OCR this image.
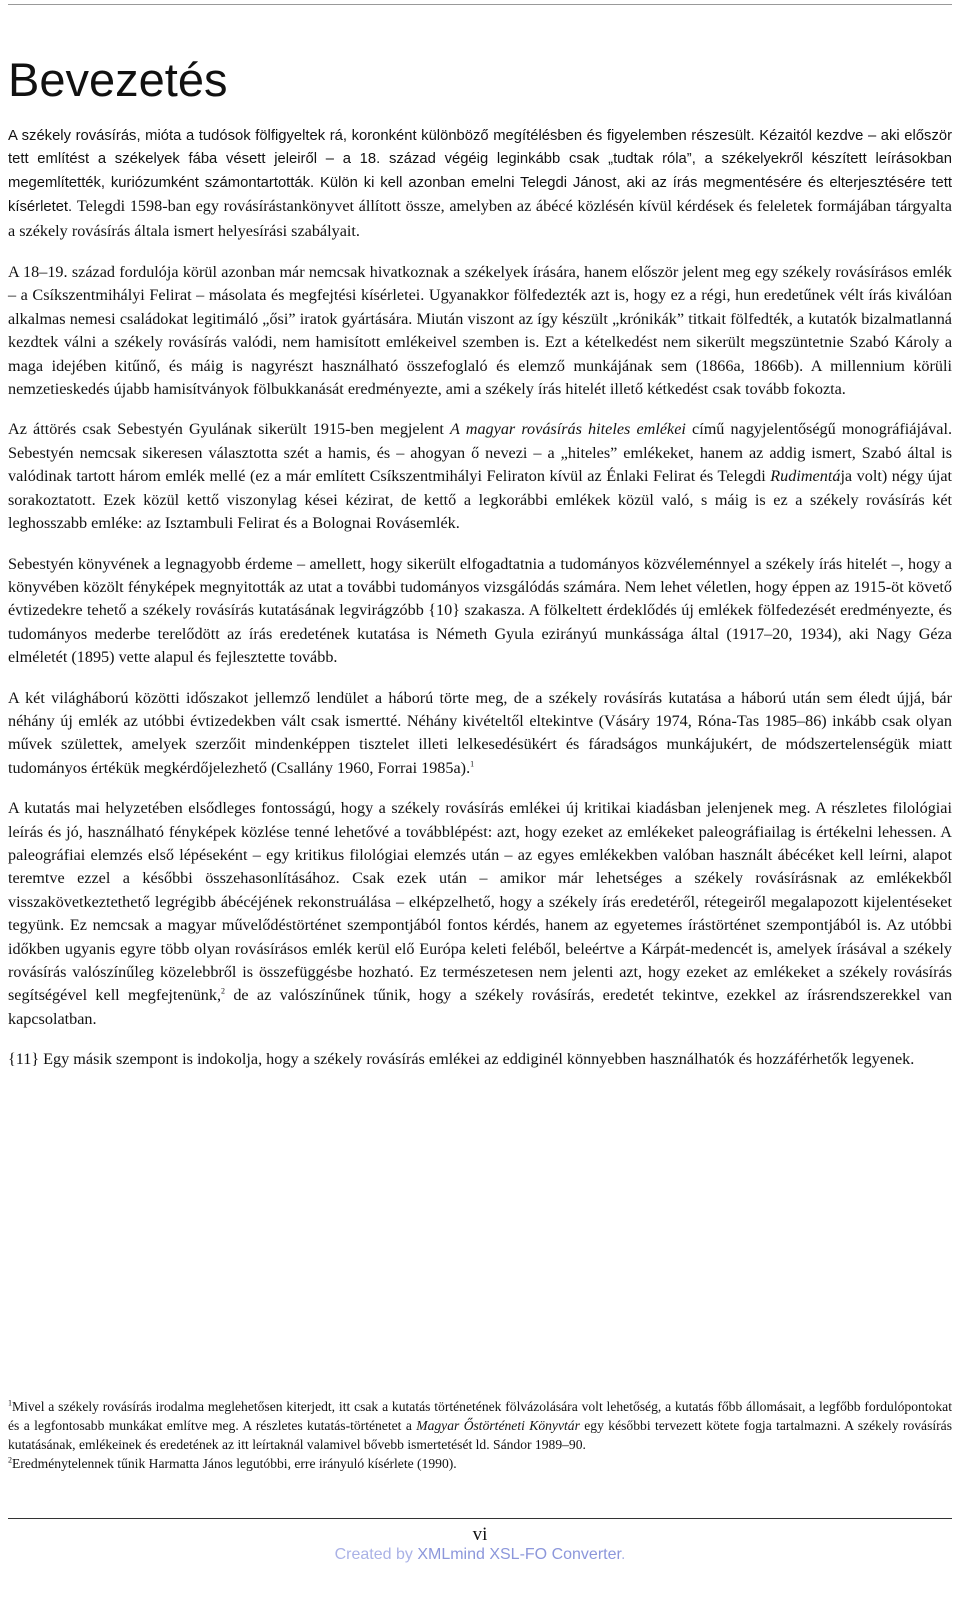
Bevezetés

A székely rovásírás, mióta a tudósok fölfigyeltek rá, koronként különböző megítélésben és figyelemben részesült. Kézaitól kezdve – aki először tett említést a székelyek fába vésett jeleiről – a 18. század végéig leginkább csak „tudtak róla”, a székelyekről készített leírásokban megemlítették, kuriózumként számontartották. Külön ki kell azonban emelni Telegdi Jánost, aki az írás megmentésére és elterjesztésére tett kísérletet. Telegdi 1598-ban egy rovásírástankönyvet állított össze, amelyben az ábécé közlésén kívül kérdések és feleletek formájában tárgyalta a székely rovásírás általa ismert helyesírási szabályait.

A 18–19. század fordulója körül azonban már nemcsak hivatkoznak a székelyek írására, hanem először jelent meg egy székely rovásírásos emlék – a Csíkszentmihályi Felirat – másolata és megfejtési kísérletei. Ugyanakkor fölfedezték azt is, hogy ez a régi, hun eredetűnek vélt írás kiválóan alkalmas nemesi családokat legitimáló „ősi” iratok gyártására. Miután viszont az így készült „krónikák” titkait fölfedték, a kutatók bizalmatlanná kezdtek válni a székely rovásírás valódi, nem hamisított emlékeivel szemben is. Ezt a kételkedést nem sikerült megszüntetnie Szabó Károly a maga idejében kitűnő, és máig is nagyrészt használható összefoglaló és elemző munkájának sem (1866a, 1866b). A millennium körüli nemzetieskedés újabb hamisítványok fölbukkanását eredményezte, ami a székely írás hitelét illető kétkedést csak tovább fokozta.

Az áttörés csak Sebestyén Gyulának sikerült 1915-ben megjelent A magyar rovásírás hiteles emlékei című nagyjelentőségű monográfiájával. Sebestyén nemcsak sikeresen választotta szét a hamis, és – ahogyan ő nevezi – a „hiteles” emlékeket, hanem az addig ismert, Szabó által is valódinak tartott három emlék mellé (ez a már említett Csíkszentmihályi Feliraton kívül az Énlaki Felirat és Telegdi Rudimentája volt) négy újat sorakoztatott. Ezek közül kettő viszonylag kései kézirat, de kettő a legkorábbi emlékek közül való, s máig is ez a székely rovásírás két leghosszabb emléke: az Isztambuli Felirat és a Bolognai Rovásemlék.

Sebestyén könyvének a legnagyobb érdeme – amellett, hogy sikerült elfogadtatnia a tudományos közvéleménnyel a székely írás hitelét –, hogy a könyvében közölt fényképek megnyitották az utat a további tudományos vizsgálódás számára. Nem lehet véletlen, hogy éppen az 1915-öt követő évtizedekre tehető a székely rovásírás kutatásának legvirágzóbb {10} szakasza. A fölkeltett érdeklődés új emlékek fölfedezését eredményezte, és tudományos mederbe terelődött az írás eredetének kutatása is Németh Gyula ezirányú munkássága által (1917–20, 1934), aki Nagy Géza elméletét (1895) vette alapul és fejlesztette tovább.

A két világháború közötti időszakot jellemző lendület a háború törte meg, de a székely rovásírás kutatása a háború után sem éledt újjá, bár néhány új emlék az utóbbi évtizedekben vált csak ismertté. Néhány kivételtől eltekintve (Vásáry 1974, Róna-Tas 1985–86) inkább csak olyan művek születtek, amelyek szerzőit mindenképpen tisztelet illeti lelkesedésükért és fáradságos munkájukért, de módszertelenségük miatt tudományos értékük megkérdőjelezhető (Csallány 1960, Forrai 1985a).$^1$

A kutatás mai helyzetében elsődleges fontosságú, hogy a székely rovásírás emlékei új kritikai kiadásban jelenjenek meg. A részletes filológiai leírás és jó, használható fényképek közlése tenné lehetővé a továbblépést: azt, hogy ezeket az emlékeket paleográfiailag is értékelni lehessen. A paleográfiai elemzés első lépéseként – egy kritikus filológiai elemzés után – az egyes emlékekben valóban használt ábécéket kell leírni, alapot teremtve ezzel a későbbi összehasonlításához. Csak ezek után – amikor már lehetséges a székely rovásírásnak az emlékekből visszakövetkeztethető legrégibb ábécéjének rekonstruálása – elképzelhető, hogy a székely írás eredetéről, rétegeiről megalapozott kijelentéseket tegyünk. Ez nemcsak a magyar művelődéstörténet szempontjából fontos kérdés, hanem az egyetemes írástörténet szempontjából is. Az utóbbi időkben ugyanis egyre több olyan rovásírásos emlék kerül elő Európa keleti feléből, beleértve a Kárpát-medencét is, amelyek írásával a székely rovásírás valószínűleg közelebbről is összefüggésbe hozható. Ez természetesen nem jelenti azt, hogy ezeket az emlékeket a székely rovásírás segítségével kell megfejtenünk,$^2$ de az valószínűnek tűnik, hogy a székely rovásírás, eredetét tekintve, ezekkel az írásrendszerekkel van kapcsolatban.

{11} Egy másik szempont is indokolja, hogy a székely rovásírás emlékei az eddiginél könnyebben használhatók és hozzáférhetők legyenek.

$^1$Mivel a székely rovásírás irodalma meglehetősen kiterjedt, itt csak a kutatás történetének fölvázolására volt lehetőség, a kutatás főbb állomásait, a legfőbb fordulópontokat és a legfontosabb munkákat említve meg. A részletes kutatás-történetet a Magyar Őstörténeti Könyvtár egy későbbi tervezett kötete fogja tartalmazni. A székely rovásírás kutatásának, emlékeinek és eredetének az itt leírtaknál valamivel bővebb ismertetését ld. Sándor 1989–90.

$^2$Eredménytelennek tűnik Harmatta János legutóbbi, erre irányuló kísérlete (1990).

vi
Created by XMLmind XSL-FO Converter.
